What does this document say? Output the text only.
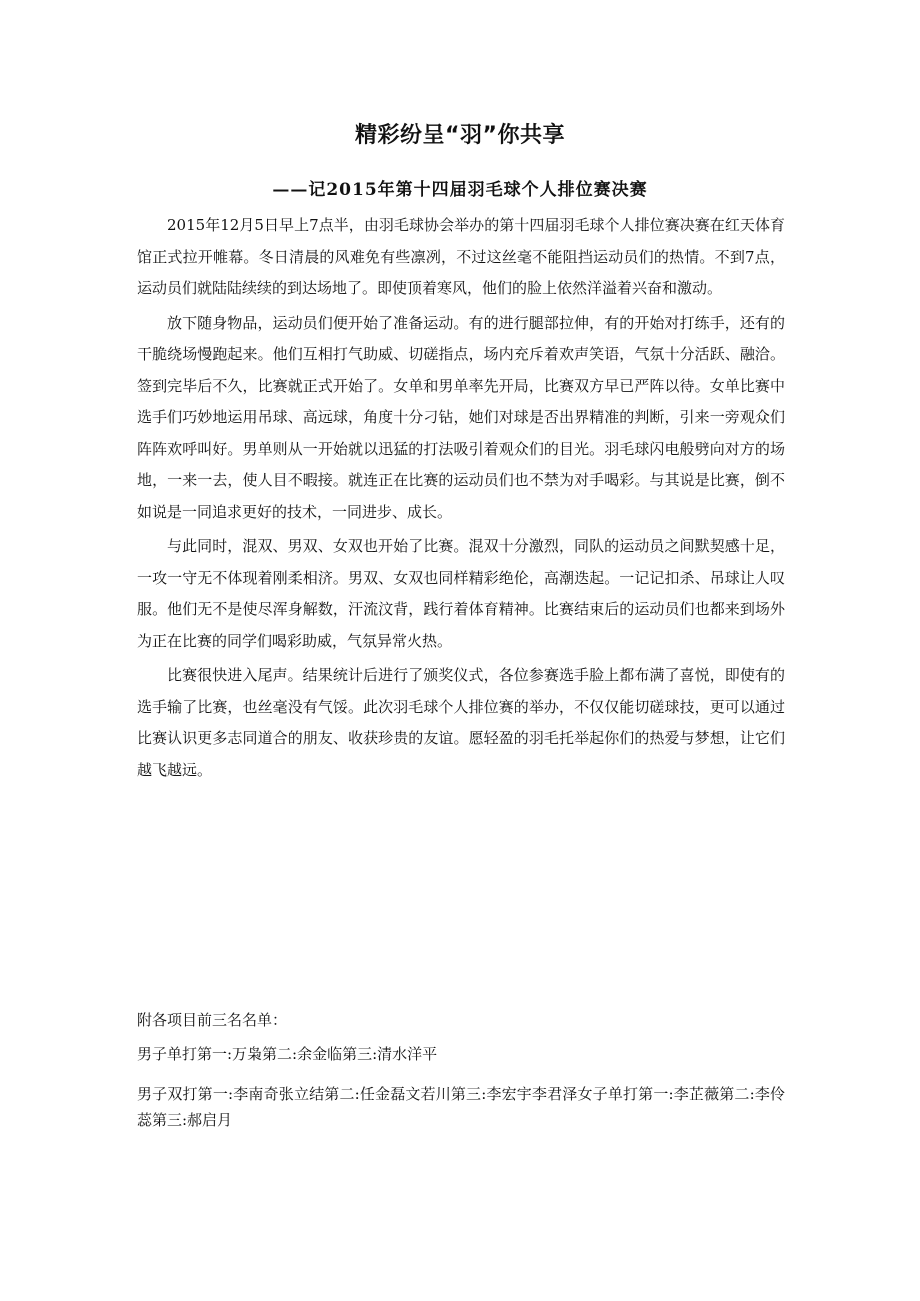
精彩纷呈“羽”你共享
——记2015年第十四届羽毛球个人排位赛决赛

2015年12月5日早上7点半，由羽毛球协会举办的第十四届羽毛球个人排位赛决赛在红天体育馆正式拉开帷幕。冬日清晨的风难免有些凛冽，不过这丝毫不能阻挡运动员们的热情。不到7点，运动员们就陆陆续续的到达场地了。即使顶着寒风，他们的脸上依然洋溢着兴奋和激动。

放下随身物品，运动员们便开始了准备运动。有的进行腿部拉伸，有的开始对打练手，还有的干脆绕场慢跑起来。他们互相打气助威、切磋指点，场内充斥着欢声笑语，气氛十分活跃、融洽。签到完毕后不久，比赛就正式开始了。女单和男单率先开局，比赛双方早已严阵以待。女单比赛中选手们巧妙地运用吊球、高远球，角度十分刁钻，她们对球是否出界精准的判断，引来一旁观众们阵阵欢呼叫好。男单则从一开始就以迅猛的打法吸引着观众们的目光。羽毛球闪电般劈向对方的场地，一来一去，使人目不暇接。就连正在比赛的运动员们也不禁为对手喝彩。与其说是比赛，倒不如说是一同追求更好的技术，一同进步、成长。

与此同时，混双、男双、女双也开始了比赛。混双十分激烈，同队的运动员之间默契感十足，一攻一守无不体现着刚柔相济。男双、女双也同样精彩绝伦，高潮迭起。一记记扣杀、吊球让人叹服。他们无不是使尽浑身解数，汗流汶背，践行着体育精神。比赛结束后的运动员们也都来到场外为正在比赛的同学们喝彩助威，气氛异常火热。

比赛很快进入尾声。结果统计后进行了颁奖仪式，各位参赛选手脸上都布满了喜悦，即使有的选手输了比赛，也丝毫没有气馁。此次羽毛球个人排位赛的举办，不仅仅能切磋球技，更可以通过比赛认识更多志同道合的朋友、收获珍贵的友谊。愿轻盈的羽毛托举起你们的热爱与梦想，让它们越飞越远。

附各项目前三名名单：

男子单打第一:万枭第二:余金临第三:清水洋平

男子双打第一:李南奇张立结第二:任金磊文若川第三:李宏宇李君泽女子单打第一:李芷薇第二:李伶蕊第三:郝启月
